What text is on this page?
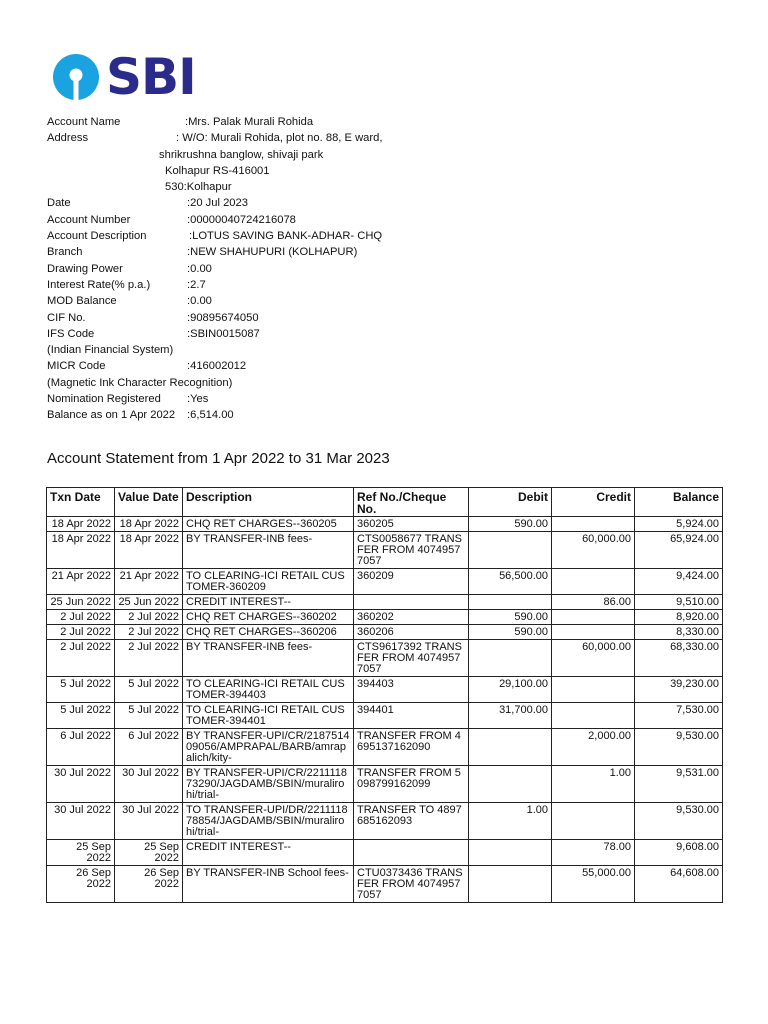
SBI
Account Name	:Mrs. Palak Murali Rohida
Address	: W/O: Murali Rohida, plot no. 88, E ward,
shrikrushna banglow, shivaji park
Kolhapur RS-416001
530:Kolhapur
Date	:20 Jul 2023
Account Number	:00000040724216078
Account Description	:LOTUS SAVING BANK-ADHAR- CHQ
Branch	:NEW SHAHUPURI (KOLHAPUR)
Drawing Power	:0.00
Interest Rate(% p.a.)	:2.7
MOD Balance	:0.00
CIF No.	:90895674050
IFS Code	:SBIN0015087
(Indian Financial System)
MICR Code	:416002012
(Magnetic Ink Character Recognition)
Nomination Registered :Yes
Balance as on 1 Apr 2022 :6,514.00
Account Statement from 1 Apr 2022 to 31 Mar 2023
Txn Date	Value Date	Description	Ref No./Cheque No.	Debit	Credit	Balance
18 Apr 2022	18 Apr 2022	CHQ RET CHARGES--360205	360205	590.00		5,924.00
18 Apr 2022	18 Apr 2022	BY TRANSFER-INB fees-	CTS0058677 TRANSFER FROM 40749577057		60,000.00	65,924.00
21 Apr 2022	21 Apr 2022	TO CLEARING-ICI RETAIL CUSTOMER-360209	360209	56,500.00		9,424.00
25 Jun 2022	25 Jun 2022	CREDIT INTEREST--			86.00	9,510.00
2 Jul 2022	2 Jul 2022	CHQ RET CHARGES--360202	360202	590.00		8,920.00
2 Jul 2022	2 Jul 2022	CHQ RET CHARGES--360206	360206	590.00		8,330.00
2 Jul 2022	2 Jul 2022	BY TRANSFER-INB fees-	CTS9617392 TRANSFER FROM 40749577057		60,000.00	68,330.00
5 Jul 2022	5 Jul 2022	TO CLEARING-ICI RETAIL CUSTOMER-394403	394403	29,100.00		39,230.00
5 Jul 2022	5 Jul 2022	TO CLEARING-ICI RETAIL CUSTOMER-394401	394401	31,700.00		7,530.00
6 Jul 2022	6 Jul 2022	BY TRANSFER-UPI/CR/218751409056/AMPRAPAL/BARB/amrapalich/kity-	TRANSFER FROM 4695137162090		2,000.00	9,530.00
30 Jul 2022	30 Jul 2022	BY TRANSFER-UPI/CR/221111873290/JAGDAMB/SBIN/muralirohi/trial-	TRANSFER FROM 5098799162099		1.00	9,531.00
30 Jul 2022	30 Jul 2022	TO TRANSFER-UPI/DR/221111878854/JAGDAMB/SBIN/muralirohi/trial-	TRANSFER TO 4897685162093	1.00		9,530.00
25 Sep 2022	25 Sep 2022	CREDIT INTEREST--			78.00	9,608.00
26 Sep 2022	26 Sep 2022	BY TRANSFER-INB School fees-	CTU0373436 TRANSFER FROM 40749577057		55,000.00	64,608.00
